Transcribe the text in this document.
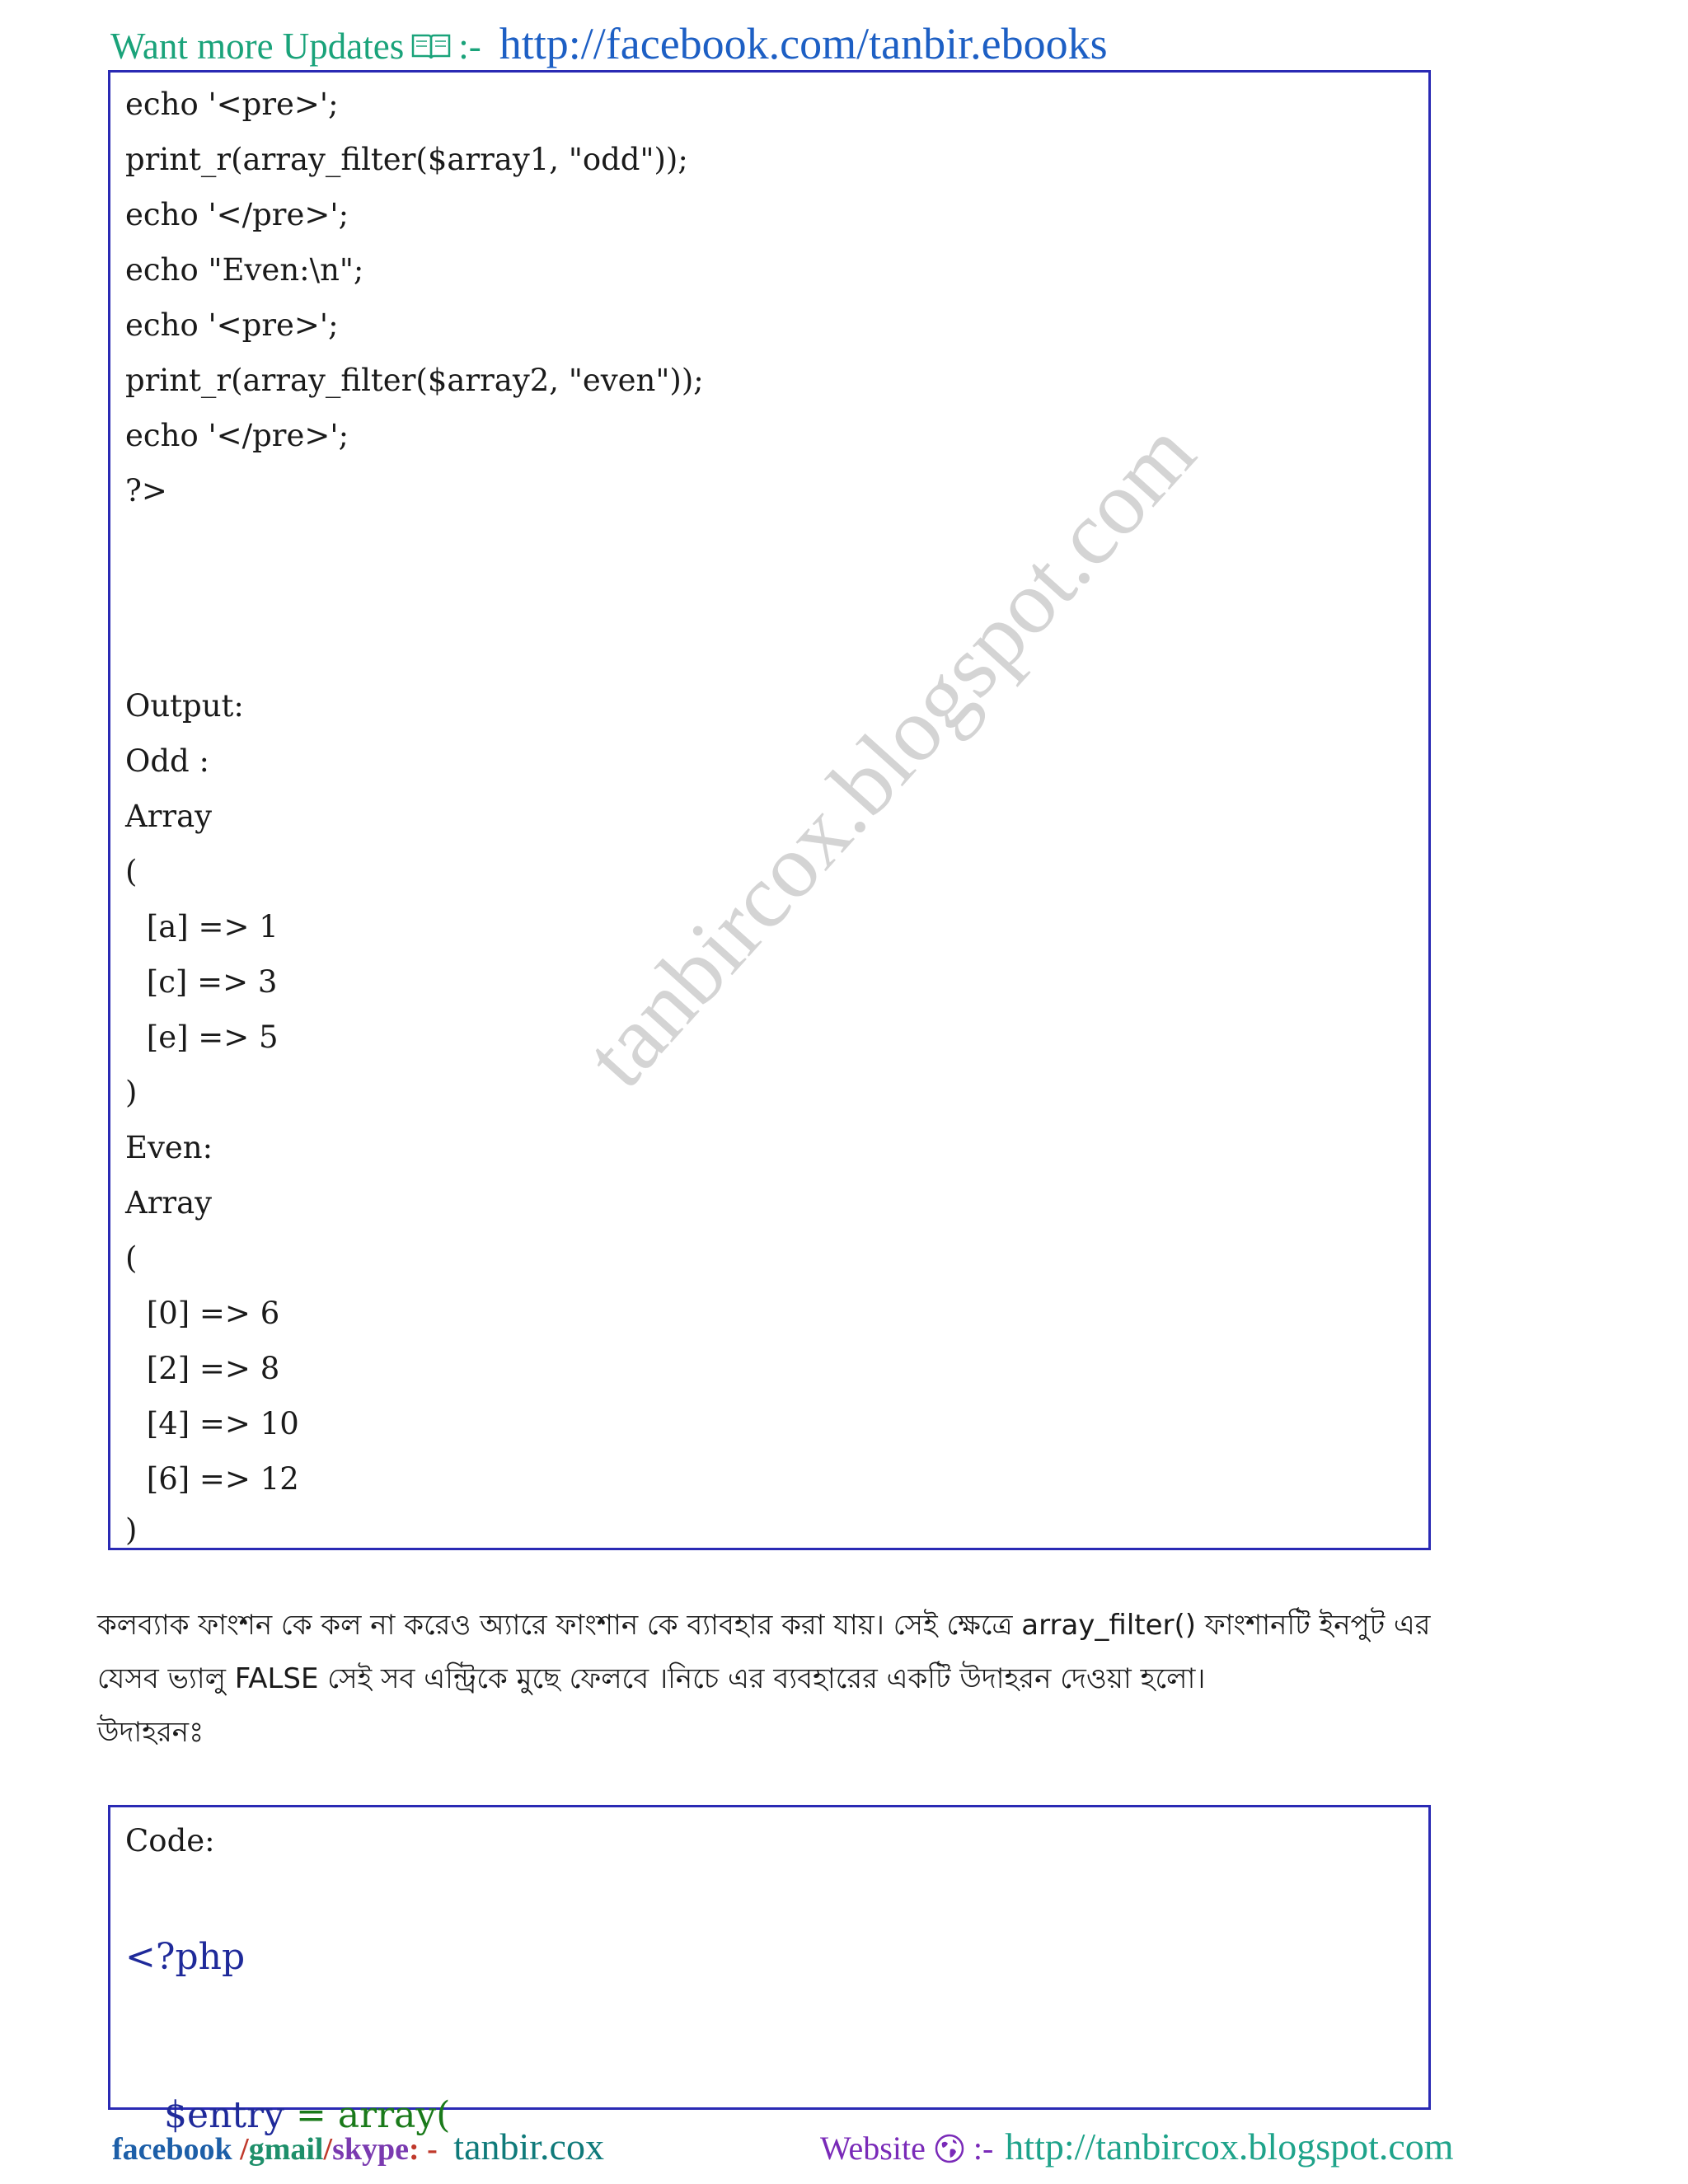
Want more Updates :- http://facebook.com/tanbir.ebooks
echo '<pre>';
print_r(array_filter($array1, "odd"));
echo '</pre>';
echo "Even:\n";
echo '<pre>';
print_r(array_filter($array2, "even"));
echo '</pre>';
?>
Output:
Odd :
Array
(
[a] => 1
[c] => 3
[e] => 5
)
Even:
Array
(
[0] => 6
[2] => 8
[4] => 10
[6] => 12
)
tanbircox.blogspot.com
কলব্যাক ফাংশন কে কল না করেও অ্যারে ফাংশান কে ব্যাবহার করা যায়। সেই ক্ষেত্রে array_filter() ফাংশানটি ইনপুট এর
যেসব ভ্যালু FALSE সেই সব এন্ট্রিকে মুছে ফেলবে ।নিচে এর ব্যবহারের একটি উদাহরন দেওয়া হলো।
উদাহরনঃ
Code:
<?php

$entry = array(

facebook /gmail/skype: - tanbir.cox	Website :- http://tanbircox.blogspot.com
